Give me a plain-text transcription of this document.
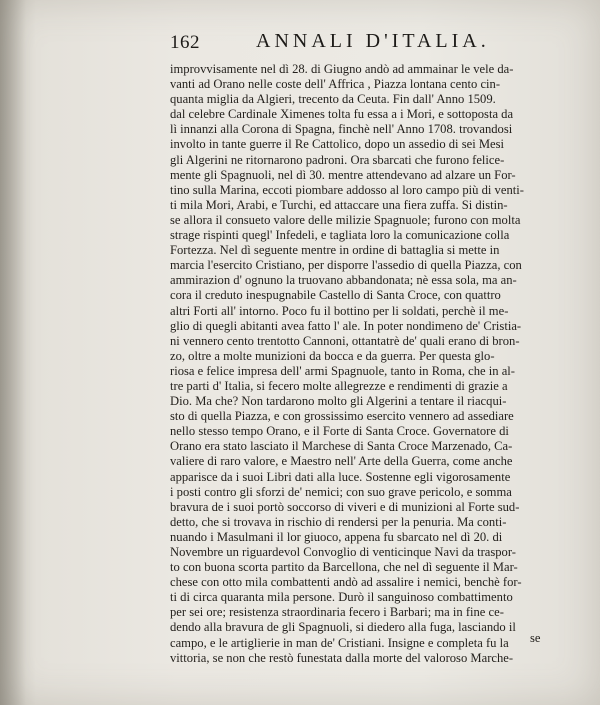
162	ANNALI D'ITALIA.
improvvisamente nel dì 28. di Giugno andò ad ammainar le vele da-
vanti ad Orano nelle coste dell' Affrica , Piazza lontana cento cin-
quanta miglia da Algieri, trecento da Ceuta. Fin dall' Anno 1509.
dal celebre Cardinale Ximenes tolta fu essa a i Mori, e sottoposta da
lì innanzi alla Corona di Spagna, finchè nell' Anno 1708. trovandosi
involto in tante guerre il Re Cattolico, dopo un assedio di sei Mesi
gli Algerini ne ritornarono padroni. Ora sbarcati che furono felice-
mente gli Spagnuoli, nel dì 30. mentre attendevano ad alzare un For-
tino sulla Marina, eccoti piombare addosso al loro campo più di venti-
ti mila Mori, Arabi, e Turchi, ed attaccare una fiera zuffa. Si distin-
se allora il consueto valore delle milizie Spagnuole; furono con molta
strage rispinti quegl' Infedeli, e tagliata loro la comunicazione colla
Fortezza. Nel dì seguente mentre in ordine di battaglia si mette in
marcia l'esercito Cristiano, per disporre l'assedio di quella Piazza, con
ammirazion d' ognuno la truovano abbandonata; nè essa sola, ma an-
cora il creduto inespugnabile Castello di Santa Croce, con quattro
altri Forti all' intorno. Poco fu il bottino per li soldati, perchè il me-
glio di quegli abitanti avea fatto l' ale. In poter nondimeno de' Cristia-
ni vennero cento trentotto Cannoni, ottantatrè de' quali erano di bron-
zo, oltre a molte munizioni da bocca e da guerra. Per questa glo-
riosa e felice impresa dell' armi Spagnuole, tanto in Roma, che in al-
tre parti d' Italia, si fecero molte allegrezze e rendimenti di grazie a
Dio. Ma che? Non tardarono molto gli Algerini a tentare il riacqui-
sto di quella Piazza, e con grossissimo esercito vennero ad assediare
nello stesso tempo Orano, e il Forte di Santa Croce. Governatore di
Orano era stato lasciato il Marchese di Santa Croce Marzenado, Ca-
valiere di raro valore, e Maestro nell' Arte della Guerra, come anche
apparisce da i suoi Libri dati alla luce. Sostenne egli vigorosamente
i posti contro gli sforzi de' nemici; con suo grave pericolo, e somma
bravura de i suoi portò soccorso di viveri e di munizioni al Forte sud-
detto, che si trovava in rischio di rendersi per la penuria. Ma conti-
nuando i Masulmani il lor giuoco, appena fu sbarcato nel dì 20. di
Novembre un riguardevol Convoglio di venticinque Navi da traspor-
to con buona scorta partito da Barcellona, che nel dì seguente il Mar-
chese con otto mila combattenti andò ad assalire i nemici, benchè for-
ti di circa quaranta mila persone. Durò il sanguinoso combattimento
per sei ore; resistenza straordinaria fecero i Barbari; ma in fine ce-
dendo alla bravura de gli Spagnuoli, si diedero alla fuga, lasciando il
campo, e le artiglierie in man de' Cristiani. Insigne e completa fu la
vittoria, se non che restò funestata dalla morte del valoroso Marche-
se
